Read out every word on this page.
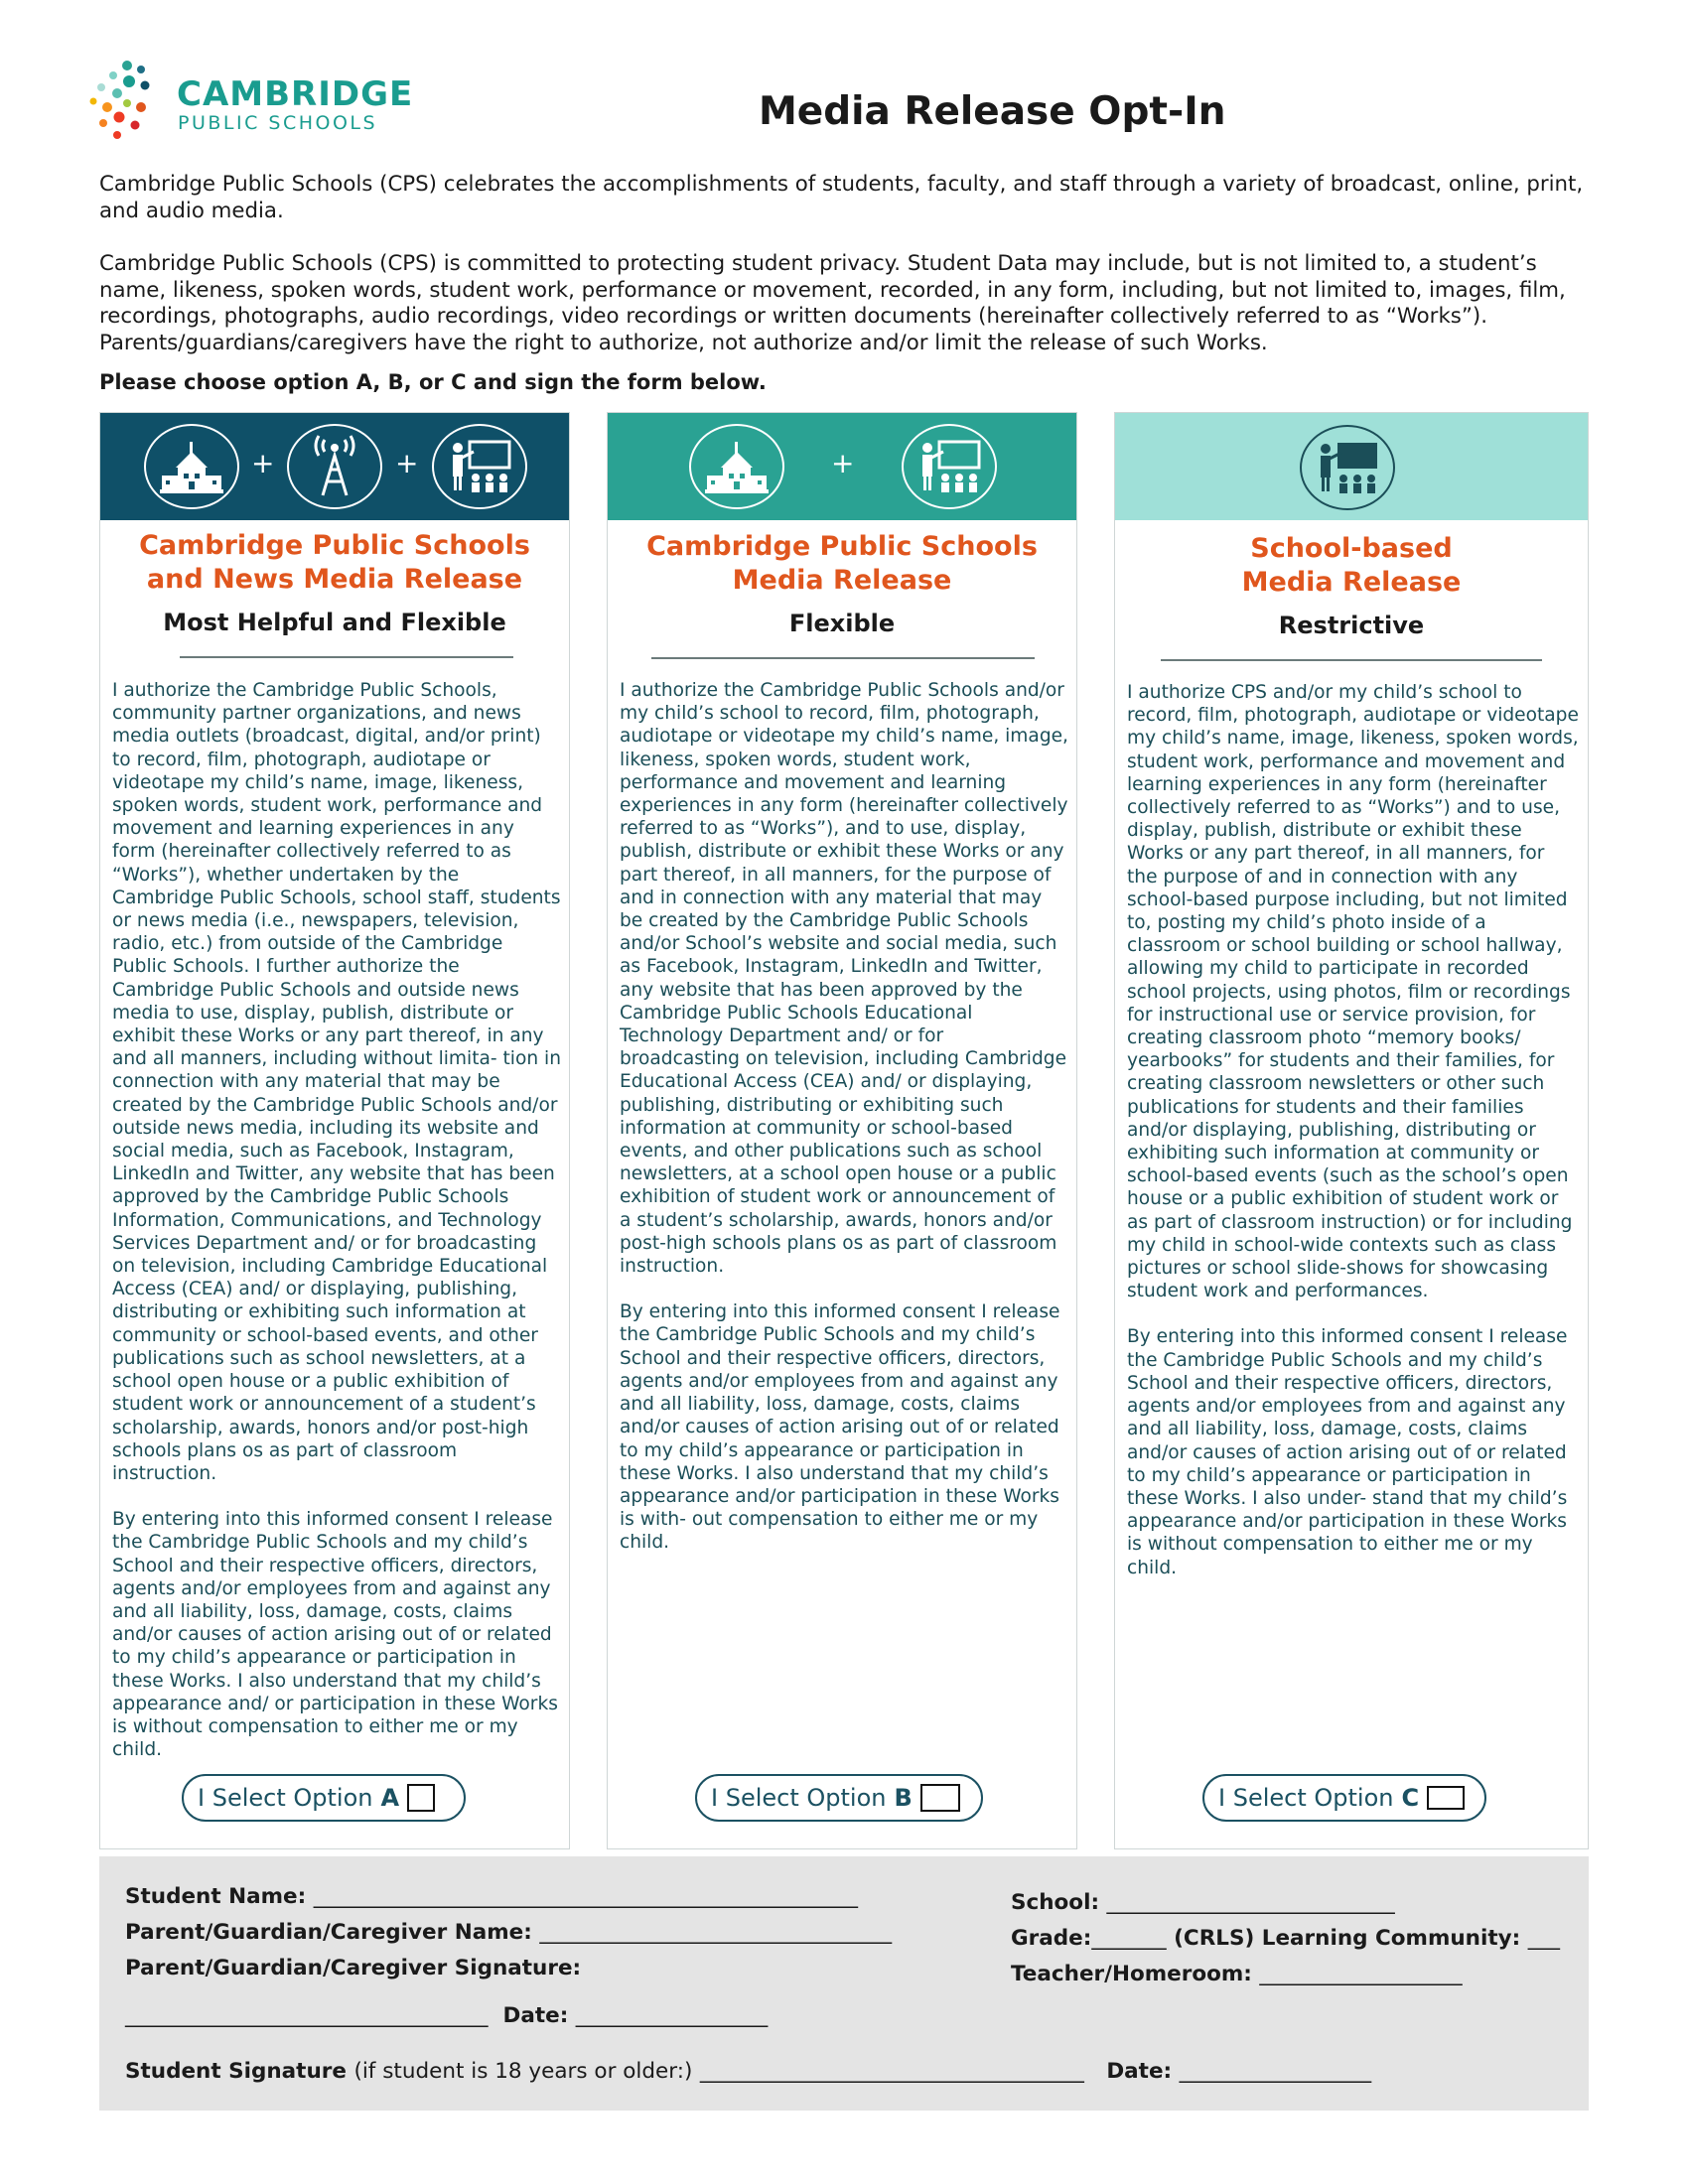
CAMBRIDGE
PUBLIC SCHOOLS	Media Release Opt-In
Cambridge Public Schools (CPS) celebrates the accomplishments of students, faculty, and staff through a variety of broadcast, online, print, and audio media.
Cambridge Public Schools (CPS) is committed to protecting student privacy. Student Data may include, but is not limited to, a student’s name, likeness, spoken words, student work, performance or movement, recorded, in any form, including, but not limited to, images, film, recordings, photographs, audio recordings, video recordings or written documents (hereinafter collectively referred to as “Works”). Parents/guardians/caregivers have the right to authorize, not authorize and/or limit the release of such Works.
Please choose option A, B, or C and sign the form below.
+	+
Cambridge Public Schools
and News Media Release
Most Helpful and Flexible

I authorize the Cambridge Public Schools, community partner organizations, and news media outlets (broadcast, digital, and/or print) to record, film, photograph, audiotape or videotape my child’s name, image, likeness, spoken words, student work, performance and movement and learning experiences in any form (hereinafter collectively referred to as “Works”), whether undertaken by the Cambridge Public Schools, school staff, students or news media (i.e., newspapers, television, radio, etc.) from outside of the Cambridge Public Schools. I further authorize the Cambridge Public Schools and outside news media to use, display, publish, distribute or exhibit these Works or any part thereof, in any and all manners, including without limita- tion in connection with any material that may be created by the Cambridge Public Schools and/or outside news media, including its website and social media, such as Facebook, Instagram, LinkedIn and Twitter, any website that has been approved by the Cambridge Public Schools Information, Communications, and Technology Services Department and/ or for broadcasting on television, including Cambridge Educational Access (CEA) and/ or displaying, publishing, distributing or exhibiting such information at community or school-based events, and other publications such as school newsletters, at a school open house or a public exhibition of student work or announcement of a student’s scholarship, awards, honors and/or post-high schools plans os as part of classroom instruction.

By entering into this informed consent I release the Cambridge Public Schools and my child’s School and their respective officers, directors, agents and/or employees from and against any and all liability, loss, damage, costs, claims and/or causes of action arising out of or related to my child’s appearance or participation in these Works. I also understand that my child’s appearance and/ or participation in these Works is without compensation to either me or my child.

I Select Option A
+
Cambridge Public Schools
Media Release
Flexible

I authorize the Cambridge Public Schools and/or my child’s school to record, film, photograph, audiotape or videotape my child’s name, image, likeness, spoken words, student work, performance and movement and learning experiences in any form (hereinafter collectively referred to as “Works”), and to use, display, publish, distribute or exhibit these Works or any part thereof, in all manners, for the purpose of and in connection with any material that may be created by the Cambridge Public Schools and/or School’s website and social media, such as Facebook, Instagram, LinkedIn and Twitter, any website that has been approved by the Cambridge Public Schools Educational Technology Department and/ or for broadcasting on television, including Cambridge Educational Access (CEA) and/ or displaying, publishing, distributing or exhibiting such information at community or school-based events, and other publications such as school newsletters, at a school open house or a public exhibition of student work or announcement of a student’s scholarship, awards, honors and/or post-high schools plans os as part of classroom instruction.

By entering into this informed consent I release the Cambridge Public Schools and my child’s School and their respective officers, directors, agents and/or employees from and against any and all liability, loss, damage, costs, claims and/or causes of action arising out of or related to my child’s appearance or participation in these Works. I also understand that my child’s appearance and/or participation in these Works is with- out compensation to either me or my child.

I Select Option B
School-based
Media Release
Restrictive

I authorize CPS and/or my child’s school to record, film, photograph, audiotape or videotape my child’s name, image, likeness, spoken words, student work, performance and movement and learning experiences in any form (hereinafter collectively referred to as “Works”) and to use, display, publish, distribute or exhibit these Works or any part thereof, in all manners, for the purpose of and in connection with any school-based purpose including, but not limited to, posting my child’s photo inside of a classroom or school building or school hallway, allowing my child to participate in recorded school projects, using photos, film or recordings for instructional use or service provision, for creating classroom photo “memory books/ yearbooks” for students and their families, for creating classroom newsletters or other such publications for students and their families and/or displaying, publishing, distributing or exhibiting such information at community or school-based events (such as the school’s open house or a public exhibition of student work or as part of classroom instruction) or for including my child in school-wide contexts such as class pictures or school slide-shows for showcasing student work and performances.

By entering into this informed consent I release the Cambridge Public Schools and my child’s School and their respective officers, directors, agents and/or employees from and against any and all liability, loss, damage, costs, claims and/or causes of action arising out of or related to my child’s appearance or participation in these Works. I also under- stand that my child’s appearance and/or participation in these Works is without compensation to either me or my child.

I Select Option C
Student Name: ___________________________________________________
Parent/Guardian/Caregiver Name: _________________________________
Parent/Guardian/Caregiver Signature:
__________________________________ Date: __________________
School: ___________________________
Grade:_______ (CRLS) Learning Community: ___
Teacher/Homeroom: ___________________
Student Signature (if student is 18 years or older:) ____________________________________ Date: __________________
